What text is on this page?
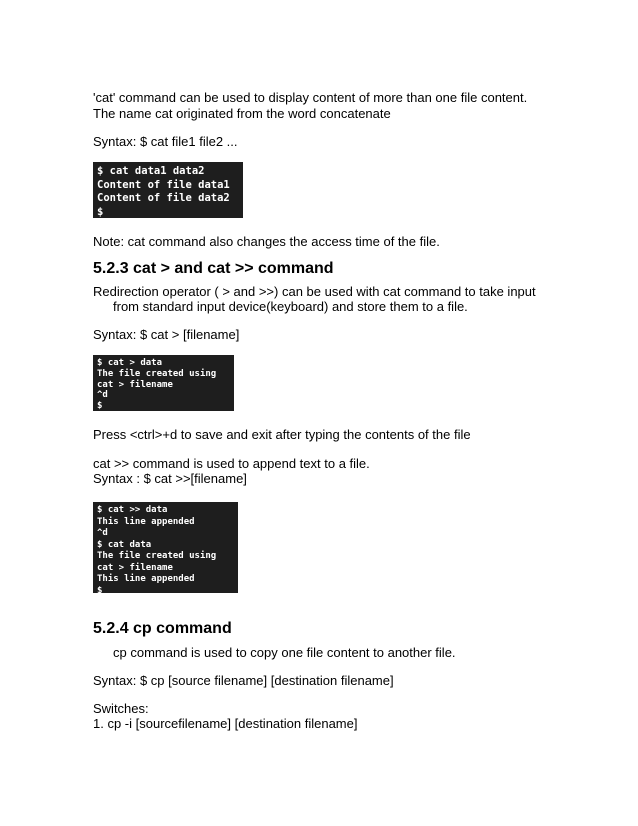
'cat' command can be used to display content of more than one file content.
The name cat originated from the word concatenate
Syntax: $ cat file1 file2 ...
$ cat data1 data2
Content of file data1
Content of file data2
$
Note: cat command also changes the access time of the file.
5.2.3 cat > and cat >> command
Redirection operator ( > and >>) can be used with cat command to take input
from standard input device(keyboard) and store them to a file.
Syntax: $ cat > [filename]
$ cat > data
The file created using
cat > filename
^d
$
Press <ctrl>+d to save and exit after typing the contents of the file
cat >> command is used to append text to a file.
Syntax : $ cat >>[filename]
$ cat >> data
This line appended
^d
$ cat data
The file created using
cat > filename
This line appended
$
5.2.4 cp command
cp command is used to copy one file content to another file.
Syntax: $ cp [source filename] [destination filename]
Switches:
1. cp -i [sourcefilename] [destination filename]
